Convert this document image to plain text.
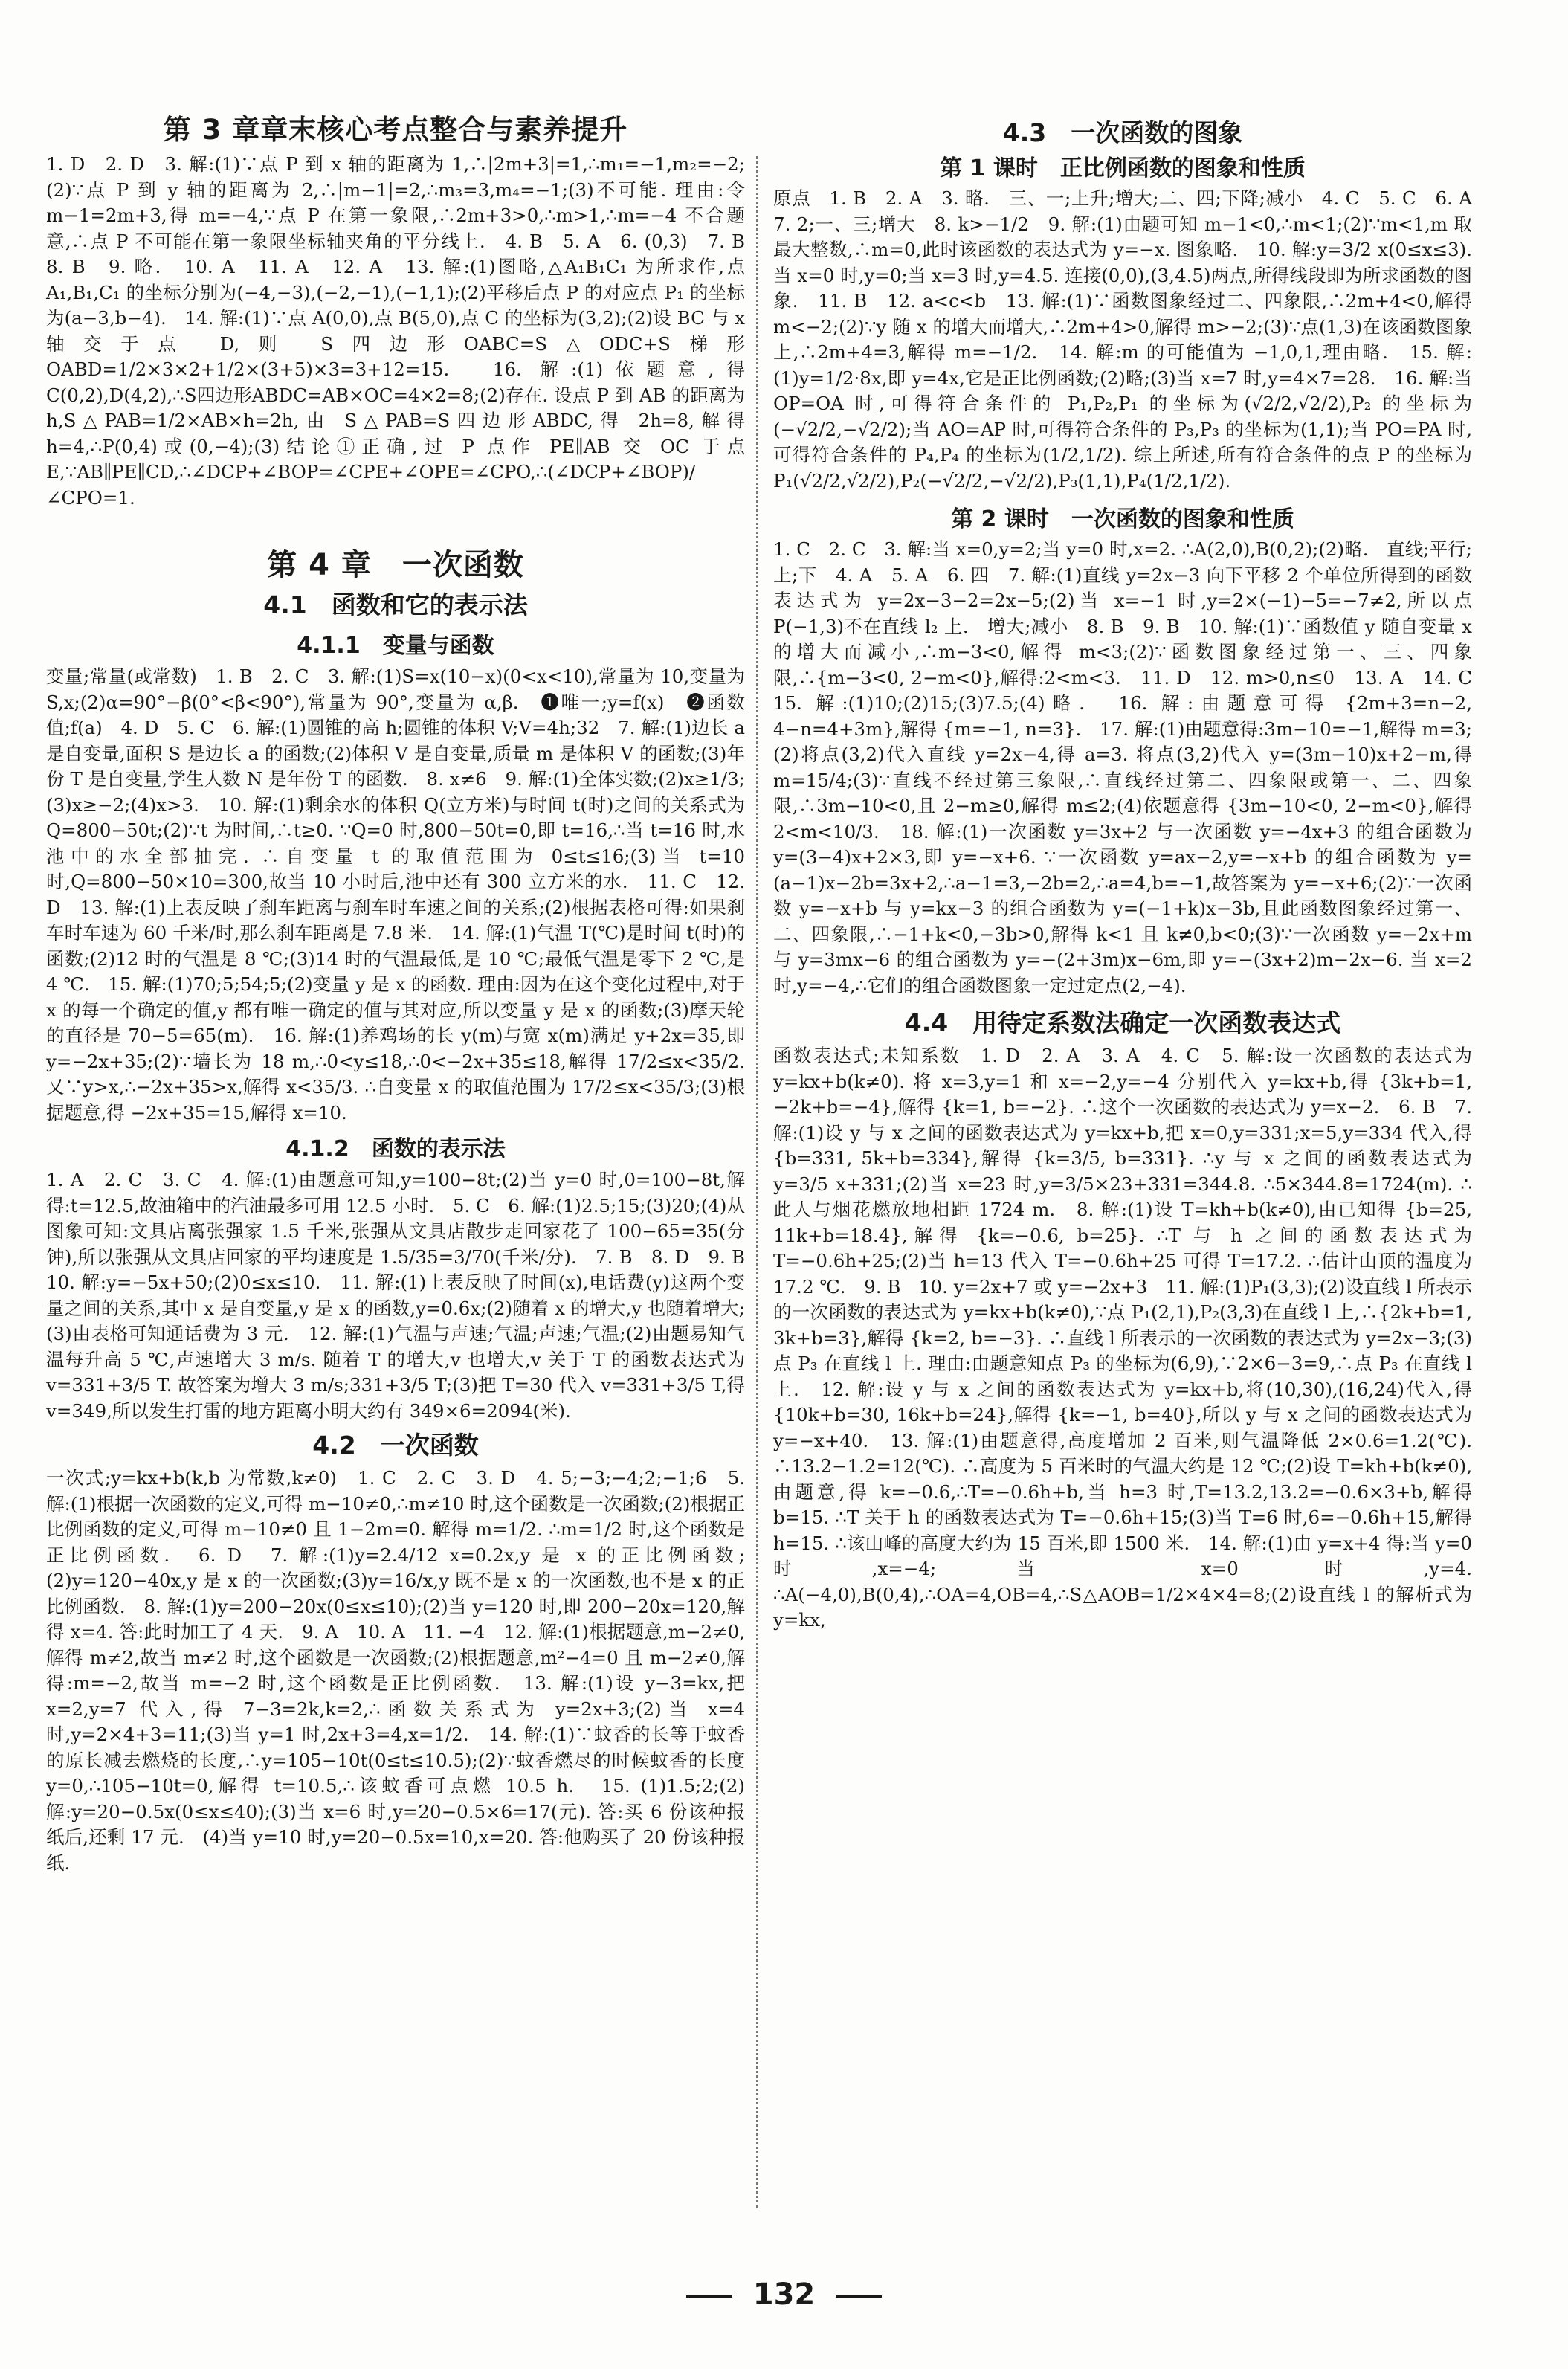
第 3 章章末核心考点整合与素养提升

1. D　2. D　3. 解:(1)∵点 P 到 x 轴的距离为 1,∴|2m+3|=1,∴m₁=−1,m₂=−2;(2)∵点 P 到 y 轴的距离为 2,∴|m−1|=2,∴m₃=3,m₄=−1;(3)不可能. 理由:令 m−1=2m+3,得 m=−4,∵点 P 在第一象限,∴2m+3>0,∴m>1,∴m=−4 不合题意,∴点 P 不可能在第一象限坐标轴夹角的平分线上.　4. B　5. A　6. (0,3)　7. B　8. B　9. 略.　10. A　11. A　12. A　13. 解:(1)图略,△A₁B₁C₁ 为所求作,点 A₁,B₁,C₁ 的坐标分别为(−4,−3),(−2,−1),(−1,1);(2)平移后点 P 的对应点 P₁ 的坐标为(a−3,b−4).　14. 解:(1)∵点 A(0,0),点 B(5,0),点 C 的坐标为(3,2);(2)设 BC 与 x 轴交于点 D,则 S四边形OABC=S△ODC+S梯形OABD=1/2×3×2+1/2×(3+5)×3=3+12=15.　16. 解:(1)依题意,得 C(0,2),D(4,2),∴S四边形ABDC=AB×OC=4×2=8;(2)存在. 设点 P 到 AB 的距离为 h,S△PAB=1/2×AB×h=2h,由 S△PAB=S四边形ABDC,得 2h=8,解得 h=4,∴P(0,4)或(0,−4);(3)结论①正确,过 P 点作 PE∥AB 交 OC 于点 E,∵AB∥PE∥CD,∴∠DCP+∠BOP=∠CPE+∠OPE=∠CPO,∴(∠DCP+∠BOP)/∠CPO=1.

第 4 章　一次函数
4.1　函数和它的表示法
4.1.1　变量与函数

变量;常量(或常数)　1. B　2. C　3. 解:(1)S=x(10−x)(0<x<10),常量为 10,变量为 S,x;(2)α=90°−β(0°<β<90°),常量为 90°,变量为 α,β.　❶唯一;y=f(x)　❷函数值;f(a)　4. D　5. C　6. 解:(1)圆锥的高 h;圆锥的体积 V;V=4h;32　7. 解:(1)边长 a 是自变量,面积 S 是边长 a 的函数;(2)体积 V 是自变量,质量 m 是体积 V 的函数;(3)年份 T 是自变量,学生人数 N 是年份 T 的函数.　8. x≠6　9. 解:(1)全体实数;(2)x≥1/3;(3)x≥−2;(4)x>3.　10. 解:(1)剩余水的体积 Q(立方米)与时间 t(时)之间的关系式为 Q=800−50t;(2)∵t 为时间,∴t≥0. ∵Q=0 时,800−50t=0,即 t=16,∴当 t=16 时,水池中的水全部抽完. ∴自变量 t 的取值范围为 0≤t≤16;(3)当 t=10 时,Q=800−50×10=300,故当 10 小时后,池中还有 300 立方米的水.　11. C　12. D　13. 解:(1)上表反映了刹车距离与刹车时车速之间的关系;(2)根据表格可得:如果刹车时车速为 60 千米/时,那么刹车距离是 7.8 米.　14. 解:(1)气温 T(℃)是时间 t(时)的函数;(2)12 时的气温是 8 ℃;(3)14 时的气温最低,是 10 ℃;最低气温是零下 2 ℃,是 4 ℃.　15. 解:(1)70;5;54;5;(2)变量 y 是 x 的函数. 理由:因为在这个变化过程中,对于 x 的每一个确定的值,y 都有唯一确定的值与其对应,所以变量 y 是 x 的函数;(3)摩天轮的直径是 70−5=65(m).　16. 解:(1)养鸡场的长 y(m)与宽 x(m)满足 y+2x=35,即 y=−2x+35;(2)∵墙长为 18 m,∴0<y≤18,∴0<−2x+35≤18,解得 17/2≤x<35/2. 又∵y>x,∴−2x+35>x,解得 x<35/3. ∴自变量 x 的取值范围为 17/2≤x<35/3;(3)根据题意,得 −2x+35=15,解得 x=10.

4.1.2　函数的表示法

1. A　2. C　3. C　4. 解:(1)由题意可知,y=100−8t;(2)当 y=0 时,0=100−8t,解得:t=12.5,故油箱中的汽油最多可用 12.5 小时.　5. C　6. 解:(1)2.5;15;(3)20;(4)从图象可知:文具店离张强家 1.5 千米,张强从文具店散步走回家花了 100−65=35(分钟),所以张强从文具店回家的平均速度是 1.5/35=3/70(千米/分).　7. B　8. D　9. B　10. 解:y=−5x+50;(2)0≤x≤10.　11. 解:(1)上表反映了时间(x),电话费(y)这两个变量之间的关系,其中 x 是自变量,y 是 x 的函数,y=0.6x;(2)随着 x 的增大,y 也随着增大;(3)由表格可知通话费为 3 元.　12. 解:(1)气温与声速;气温;声速;气温;(2)由题易知气温每升高 5 ℃,声速增大 3 m/s. 随着 T 的增大,v 也增大,v 关于 T 的函数表达式为 v=331+3/5 T. 故答案为增大 3 m/s;331+3/5 T;(3)把 T=30 代入 v=331+3/5 T,得 v=349,所以发生打雷的地方距离小明大约有 349×6=2094(米).

4.2　一次函数

一次式;y=kx+b(k,b 为常数,k≠0)　1. C　2. C　3. D　4. 5;−3;−4;2;−1;6　5. 解:(1)根据一次函数的定义,可得 m−10≠0,∴m≠10 时,这个函数是一次函数;(2)根据正比例函数的定义,可得 m−10≠0 且 1−2m=0. 解得 m=1/2. ∴m=1/2 时,这个函数是正比例函数.　6. D　7. 解:(1)y=2.4/12 x=0.2x,y 是 x 的正比例函数;(2)y=120−40x,y 是 x 的一次函数;(3)y=16/x,y 既不是 x 的一次函数,也不是 x 的正比例函数.　8. 解:(1)y=200−20x(0≤x≤10);(2)当 y=120 时,即 200−20x=120,解得 x=4. 答:此时加工了 4 天.　9. A　10. A　11. −4　12. 解:(1)根据题意,m−2≠0,解得 m≠2,故当 m≠2 时,这个函数是一次函数;(2)根据题意,m²−4=0 且 m−2≠0,解得:m=−2,故当 m=−2 时,这个函数是正比例函数.　13. 解:(1)设 y−3=kx,把 x=2,y=7 代入,得 7−3=2k,k=2,∴函数关系式为 y=2x+3;(2)当 x=4 时,y=2×4+3=11;(3)当 y=1 时,2x+3=4,x=1/2.　14. 解:(1)∵蚊香的长等于蚊香的原长减去燃烧的长度,∴y=105−10t(0≤t≤10.5);(2)∵蚊香燃尽的时候蚊香的长度 y=0,∴105−10t=0,解得 t=10.5,∴该蚊香可点燃 10.5 h.　15. (1)1.5;2;(2)解:y=20−0.5x(0≤x≤40);(3)当 x=6 时,y=20−0.5×6=17(元). 答:买 6 份该种报纸后,还剩 17 元.　(4)当 y=10 时,y=20−0.5x=10,x=20. 答:他购买了 20 份该种报纸.

4.3　一次函数的图象
第 1 课时　正比例函数的图象和性质

原点　1. B　2. A　3. 略.　三、一;上升;增大;二、四;下降;减小　4. C　5. C　6. A　7. 2;一、三;增大　8. k>−1/2　9. 解:(1)由题可知 m−1<0,∴m<1;(2)∵m<1,m 取最大整数,∴m=0,此时该函数的表达式为 y=−x. 图象略.　10. 解:y=3/2 x(0≤x≤3). 当 x=0 时,y=0;当 x=3 时,y=4.5. 连接(0,0),(3,4.5)两点,所得线段即为所求函数的图象.　11. B　12. a<c<b　13. 解:(1)∵函数图象经过二、四象限,∴2m+4<0,解得 m<−2;(2)∵y 随 x 的增大而增大,∴2m+4>0,解得 m>−2;(3)∵点(1,3)在该函数图象上,∴2m+4=3,解得 m=−1/2.　14. 解:m 的可能值为 −1,0,1,理由略.　15. 解:(1)y=1/2·8x,即 y=4x,它是正比例函数;(2)略;(3)当 x=7 时,y=4×7=28.　16. 解:当 OP=OA 时,可得符合条件的 P₁,P₂,P₁ 的坐标为(√2/2,√2/2),P₂ 的坐标为(−√2/2,−√2/2);当 AO=AP 时,可得符合条件的 P₃,P₃ 的坐标为(1,1);当 PO=PA 时,可得符合条件的 P₄,P₄ 的坐标为(1/2,1/2). 综上所述,所有符合条件的点 P 的坐标为 P₁(√2/2,√2/2),P₂(−√2/2,−√2/2),P₃(1,1),P₄(1/2,1/2).

第 2 课时　一次函数的图象和性质

1. C　2. C　3. 解:当 x=0,y=2;当 y=0 时,x=2. ∴A(2,0),B(0,2);(2)略.　直线;平行;上;下　4. A　5. A　6. 四　7. 解:(1)直线 y=2x−3 向下平移 2 个单位所得到的函数表达式为 y=2x−3−2=2x−5;(2)当 x=−1 时,y=2×(−1)−5=−7≠2,所以点 P(−1,3)不在直线 l₂ 上.　增大;减小　8. B　9. B　10. 解:(1)∵函数值 y 随自变量 x 的增大而减小,∴m−3<0,解得 m<3;(2)∵函数图象经过第一、三、四象限,∴{m−3<0, 2−m<0},解得:2<m<3.　11. D　12. m>0,n≤0　13. A　14. C　15. 解:(1)10;(2)15;(3)7.5;(4)略.　16. 解:由题意可得 {2m+3=n−2, 4−n=4+3m},解得 {m=−1, n=3}.　17. 解:(1)由题意得:3m−10=−1,解得 m=3;(2)将点(3,2)代入直线 y=2x−4,得 a=3. 将点(3,2)代入 y=(3m−10)x+2−m,得 m=15/4;(3)∵直线不经过第三象限,∴直线经过第二、四象限或第一、二、四象限,∴3m−10<0,且 2−m≥0,解得 m≤2;(4)依题意得 {3m−10<0, 2−m<0},解得 2<m<10/3.　18. 解:(1)一次函数 y=3x+2 与一次函数 y=−4x+3 的组合函数为 y=(3−4)x+2×3,即 y=−x+6. ∵一次函数 y=ax−2,y=−x+b 的组合函数为 y=(a−1)x−2b=3x+2,∴a−1=3,−2b=2,∴a=4,b=−1,故答案为 y=−x+6;(2)∵一次函数 y=−x+b 与 y=kx−3 的组合函数为 y=(−1+k)x−3b,且此函数图象经过第一、二、四象限,∴−1+k<0,−3b>0,解得 k<1 且 k≠0,b<0;(3)∵一次函数 y=−2x+m 与 y=3mx−6 的组合函数为 y=−(2+3m)x−6m,即 y=−(3x+2)m−2x−6. 当 x=2 时,y=−4,∴它们的组合函数图象一定过定点(2,−4).

4.4　用待定系数法确定一次函数表达式

函数表达式;未知系数　1. D　2. A　3. A　4. C　5. 解:设一次函数的表达式为 y=kx+b(k≠0). 将 x=3,y=1 和 x=−2,y=−4 分别代入 y=kx+b,得 {3k+b=1, −2k+b=−4},解得 {k=1, b=−2}. ∴这个一次函数的表达式为 y=x−2.　6. B　7. 解:(1)设 y 与 x 之间的函数表达式为 y=kx+b,把 x=0,y=331;x=5,y=334 代入,得 {b=331, 5k+b=334},解得 {k=3/5, b=331}. ∴y 与 x 之间的函数表达式为 y=3/5 x+331;(2)当 x=23 时,y=3/5×23+331=344.8. ∴5×344.8=1724(m). ∴此人与烟花燃放地相距 1724 m.　8. 解:(1)设 T=kh+b(k≠0),由已知得 {b=25, 11k+b=18.4},解得 {k=−0.6, b=25}. ∴T 与 h 之间的函数表达式为 T=−0.6h+25;(2)当 h=13 代入 T=−0.6h+25 可得 T=17.2. ∴估计山顶的温度为 17.2 ℃.　9. B　10. y=2x+7 或 y=−2x+3　11. 解:(1)P₁(3,3);(2)设直线 l 所表示的一次函数的表达式为 y=kx+b(k≠0),∵点 P₁(2,1),P₂(3,3)在直线 l 上,∴{2k+b=1, 3k+b=3},解得 {k=2, b=−3}. ∴直线 l 所表示的一次函数的表达式为 y=2x−3;(3)点 P₃ 在直线 l 上. 理由:由题意知点 P₃ 的坐标为(6,9),∵2×6−3=9,∴点 P₃ 在直线 l 上.　12. 解:设 y 与 x 之间的函数表达式为 y=kx+b,将(10,30),(16,24)代入,得 {10k+b=30, 16k+b=24},解得 {k=−1, b=40},所以 y 与 x 之间的函数表达式为 y=−x+40.　13. 解:(1)由题意得,高度增加 2 百米,则气温降低 2×0.6=1.2(℃). ∴13.2−1.2=12(℃). ∴高度为 5 百米时的气温大约是 12 ℃;(2)设 T=kh+b(k≠0),由题意,得 k=−0.6,∴T=−0.6h+b,当 h=3 时,T=13.2,13.2=−0.6×3+b,解得 b=15. ∴T 关于 h 的函数表达式为 T=−0.6h+15;(3)当 T=6 时,6=−0.6h+15,解得 h=15. ∴该山峰的高度大约为 15 百米,即 1500 米.　14. 解:(1)由 y=x+4 得:当 y=0 时,x=−4;当 x=0 时,y=4. ∴A(−4,0),B(0,4),∴OA=4,OB=4,∴S△AOB=1/2×4×4=8;(2)设直线 l 的解析式为 y=kx,

132
